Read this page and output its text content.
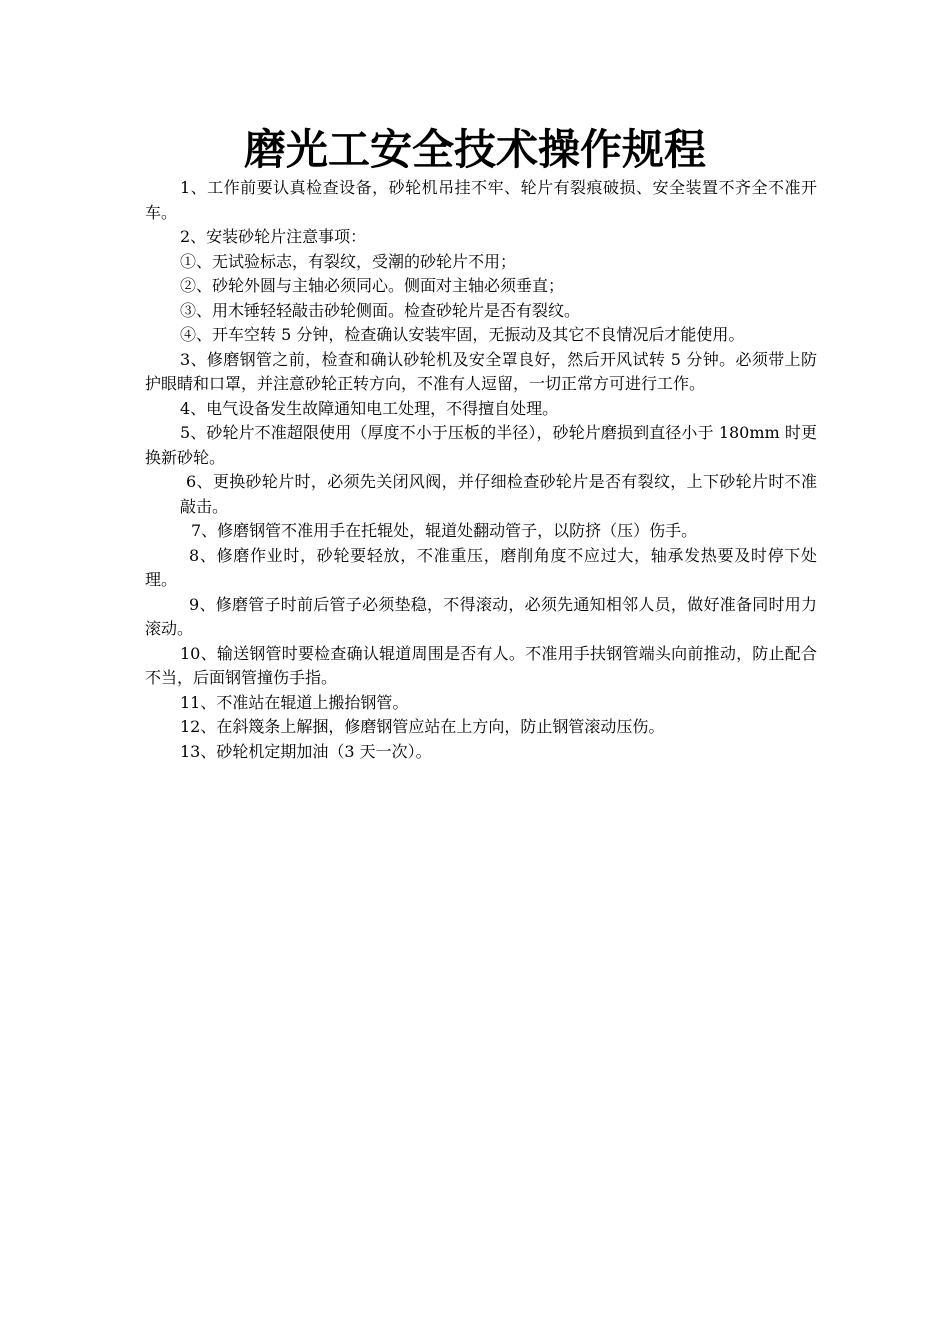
磨光工安全技术操作规程

1、工作前要认真检查设备，砂轮机吊挂不牢、轮片有裂痕破损、安全装置不齐全不准开车。

2、安装砂轮片注意事项：

①、无试验标志，有裂纹，受潮的砂轮片不用；

②、砂轮外圆与主轴必须同心。侧面对主轴必须垂直；

③、用木锤轻轻敲击砂轮侧面。检查砂轮片是否有裂纹。

④、开车空转 5 分钟，检查确认安装牢固，无振动及其它不良情况后才能使用。

3、修磨钢管之前，检查和确认砂轮机及安全罩良好，然后开风试转 5 分钟。必须带上防护眼睛和口罩，并注意砂轮正转方向，不准有人逗留，一切正常方可进行工作。

4、电气设备发生故障通知电工处理，不得擅自处理。

5、砂轮片不准超限使用（厚度不小于压板的半径），砂轮片磨损到直径小于 180mm 时更换新砂轮。

6、更换砂轮片时，必须先关闭风阀，并仔细检查砂轮片是否有裂纹，上下砂轮片时不准敲击。

7、修磨钢管不准用手在托辊处，辊道处翻动管子，以防挤（压）伤手。

8、修磨作业时，砂轮要轻放，不准重压，磨削角度不应过大，轴承发热要及时停下处理。

9、修磨管子时前后管子必须垫稳，不得滚动，必须先通知相邻人员，做好准备同时用力滚动。

10、输送钢管时要检查确认辊道周围是否有人。不准用手扶钢管端头向前推动，防止配合不当，后面钢管撞伤手指。

11、不准站在辊道上搬抬钢管。

12、在斜篾条上解捆，修磨钢管应站在上方向，防止钢管滚动压伤。

13、砂轮机定期加油（3 天一次）。
